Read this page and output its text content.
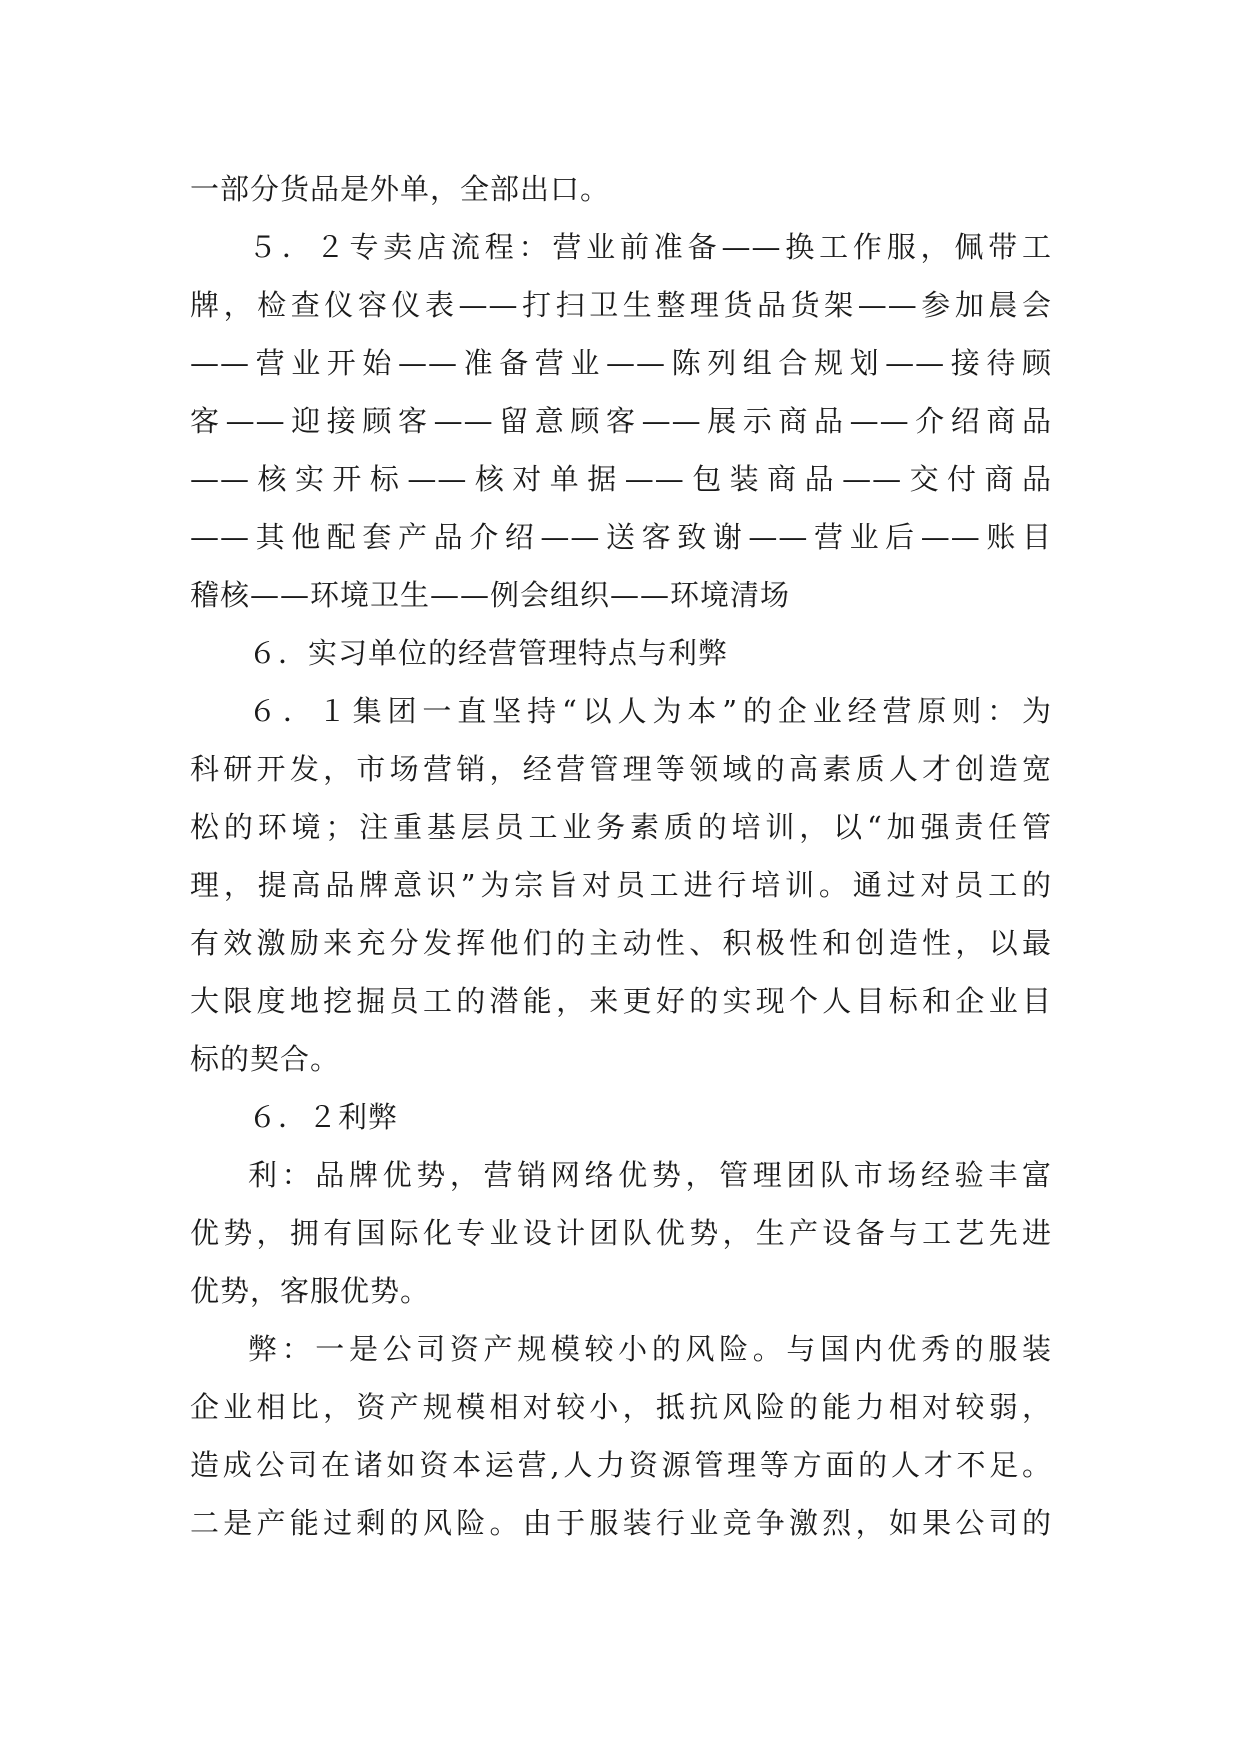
一部分货品是外单，全部出口。
５．２专卖店流程：营业前准备——换工作服，佩带工
牌，检查仪容仪表——打扫卫生整理货品货架——参加晨会
——营业开始——准备营业——陈列组合规划——接待顾
客——迎接顾客——留意顾客——展示商品——介绍商品
——核实开标——核对单据——包装商品——交付商品
——其他配套产品介绍——送客致谢——营业后——账目
稽核——环境卫生——例会组织——环境清场
６．实习单位的经营管理特点与利弊
６．１集团一直坚持“以人为本”的企业经营原则：为
科研开发，市场营销，经营管理等领域的高素质人才创造宽
松的环境；注重基层员工业务素质的培训，以“加强责任管
理，提高品牌意识”为宗旨对员工进行培训。通过对员工的
有效激励来充分发挥他们的主动性、积极性和创造性，以最
大限度地挖掘员工的潜能，来更好的实现个人目标和企业目
标的契合。
６．２利弊
利：品牌优势，营销网络优势，管理团队市场经验丰富
优势，拥有国际化专业设计团队优势，生产设备与工艺先进
优势，客服优势。
弊：一是公司资产规模较小的风险。与国内优秀的服装
企业相比，资产规模相对较小，抵抗风险的能力相对较弱，
造成公司在诸如资本运营,人力资源管理等方面的人才不足。
二是产能过剩的风险。由于服装行业竞争激烈，如果公司的
